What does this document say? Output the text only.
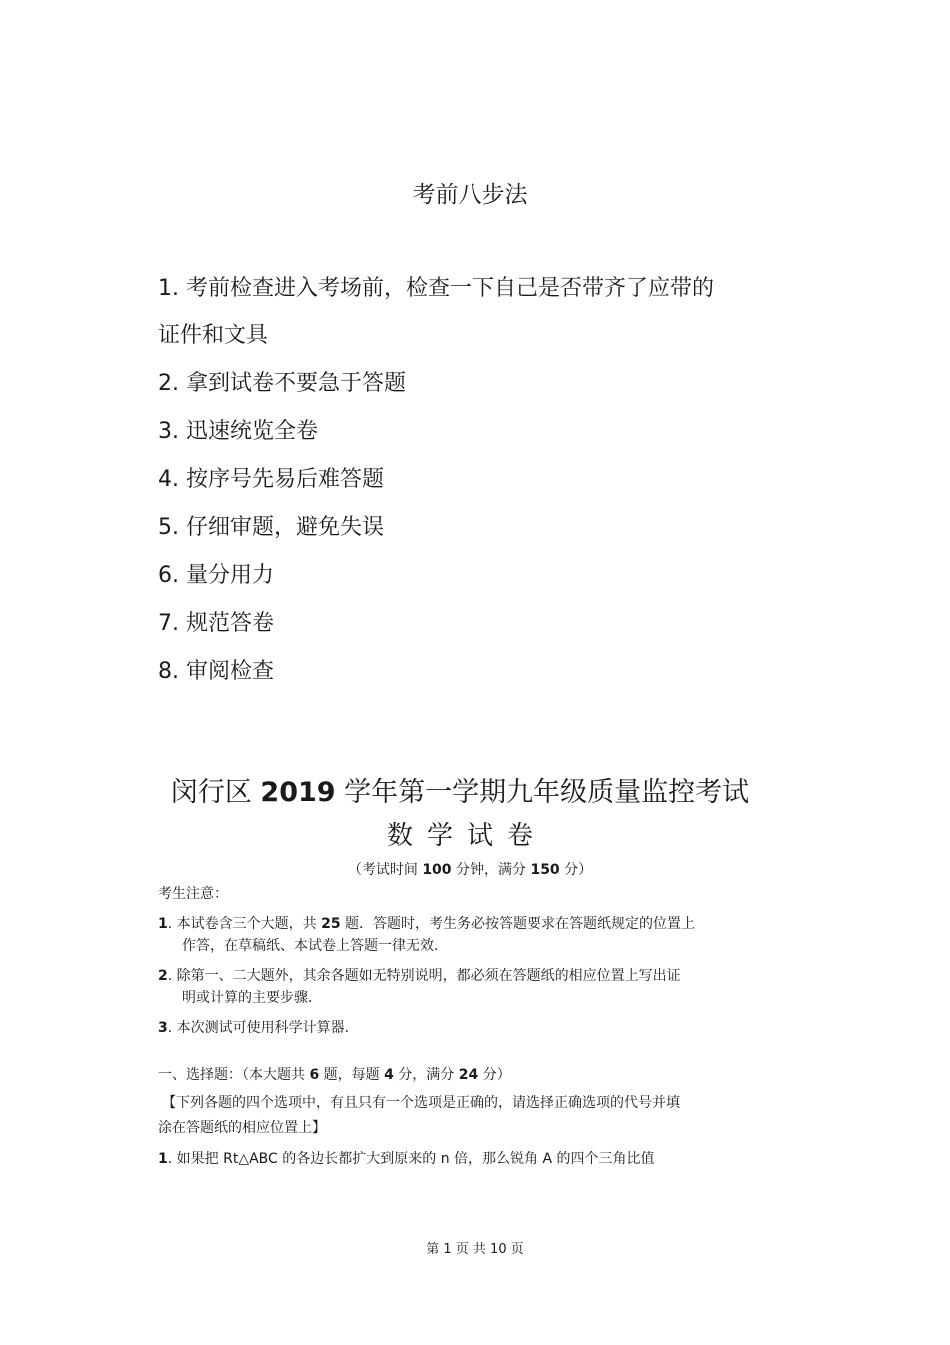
考前八步法
1. 考前检查进入考场前，检查一下自己是否带齐了应带的
证件和文具
2. 拿到试卷不要急于答题
3. 迅速统览全卷
4. 按序号先易后难答题
5. 仔细审题，避免失误
6. 量分用力
7. 规范答卷
8. 审阅检查
闵行区 2019 学年第一学期九年级质量监控考试
数学试卷
（考试时间 100 分钟，满分 150 分）
考生注意：
1. 本试卷含三个大题，共 25 题．答题时，考生务必按答题要求在答题纸规定的位置上
作答，在草稿纸、本试卷上答题一律无效．
2. 除第一、二大题外，其余各题如无特别说明，都必须在答题纸的相应位置上写出证
明或计算的主要步骤．
3. 本次测试可使用科学计算器．
一、选择题：（本大题共 6 题，每题 4 分，满分 24 分）
【下列各题的四个选项中，有且只有一个选项是正确的，请选择正确选项的代号并填
涂在答题纸的相应位置上】
1. 如果把 Rt△ABC 的各边长都扩大到原来的 n 倍，那么锐角 A 的四个三角比值
第 1 页 共 10 页
